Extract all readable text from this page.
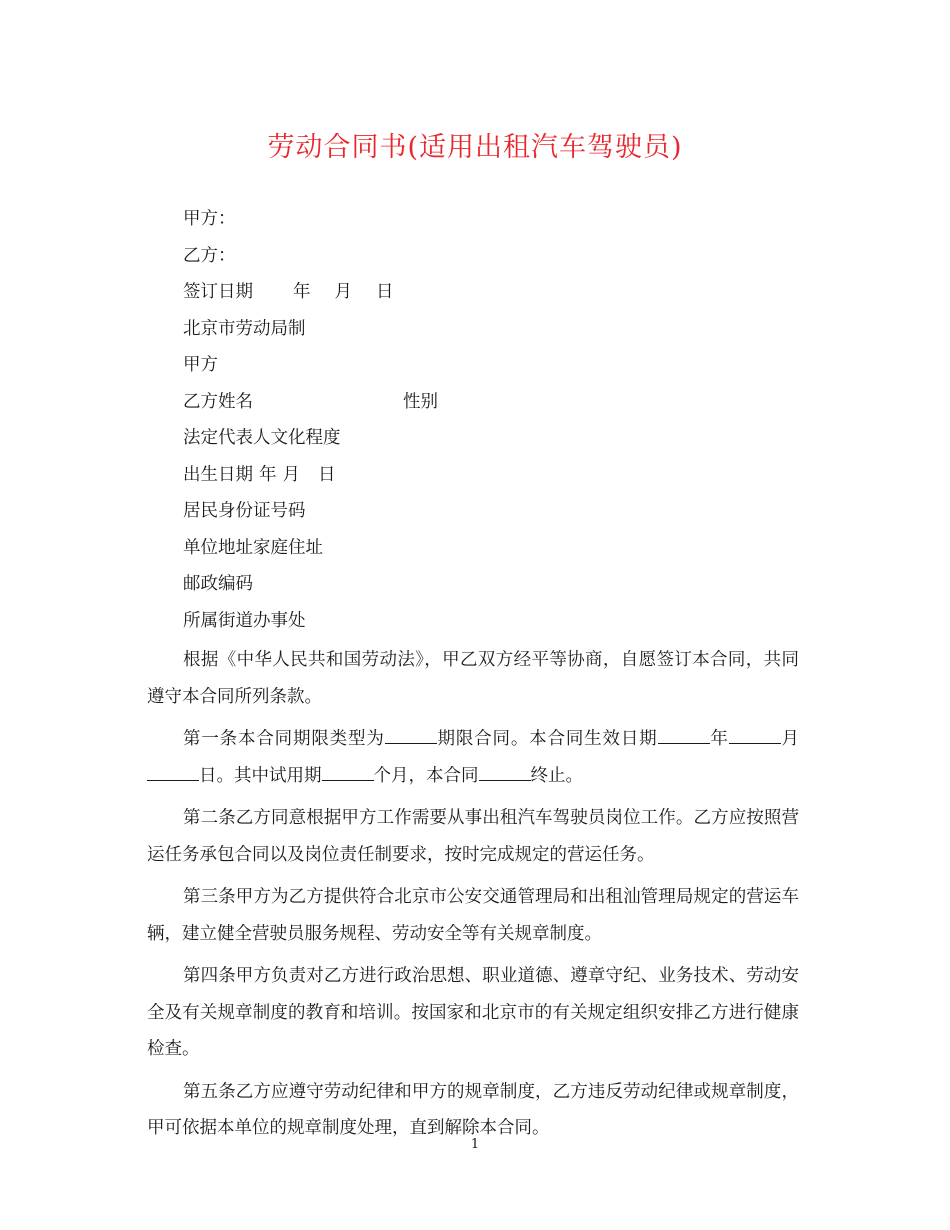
劳动合同书(适用出租汽车驾驶员)

甲方：

乙方：

签订日期 年 月 日

北京市劳动局制

甲方

乙方姓名	性别

法定代表人文化程度

出生日期 年 月 日

居民身份证号码

单位地址家庭住址

邮政编码

所属街道办事处

根据《中华人民共和国劳动法》，甲乙双方经平等协商，自愿签订本合同，共同遵守本合同所列条款。

第一条本合同期限类型为	期限合同。本合同生效日期	年	月日。其中试用期	个月，本合同	终止。

第二条乙方同意根据甲方工作需要从事出租汽车驾驶员岗位工作。乙方应按照营运任务承包合同以及岗位责任制要求，按时完成规定的营运任务。

第三条甲方为乙方提供符合北京市公安交通管理局和出租汕管理局规定的营运车辆，建立健全营驶员服务规程、劳动安全等有关规章制度。

第四条甲方负责对乙方进行政治思想、职业道德、遵章守纪、业务技术、劳动安全及有关规章制度的教育和培训。按国家和北京市的有关规定组织安排乙方进行健康检查。

第五条乙方应遵守劳动纪律和甲方的规章制度，乙方违反劳动纪律或规章制度，甲可依据本单位的规章制度处理，直到解除本合同。

1
